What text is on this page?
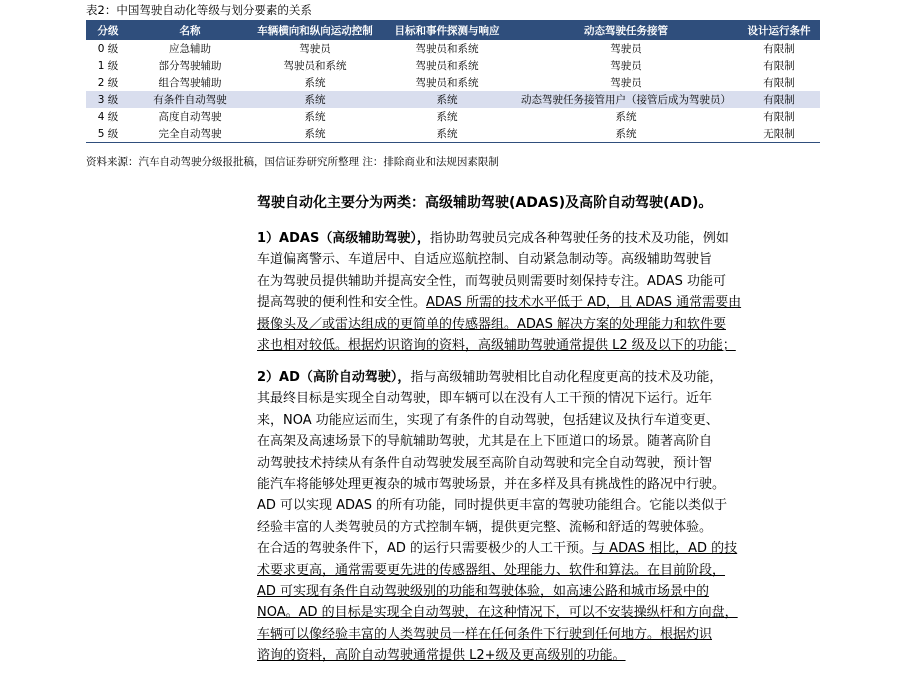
表2：中国驾驶自动化等级与划分要素的关系
分级	名称	车辆横向和纵向运动控制	目标和事件探测与响应	动态驾驶任务接管	设计运行条件
0 级	应急辅助	驾驶员	驾驶员和系统	驾驶员	有限制
1 级	部分驾驶辅助	驾驶员和系统	驾驶员和系统	驾驶员	有限制
2 级	组合驾驶辅助	系统	驾驶员和系统	驾驶员	有限制
3 级	有条件自动驾驶	系统	系统	动态驾驶任务接管用户（接管后成为驾驶员）	有限制
4 级	高度自动驾驶	系统	系统	系统	有限制
5 级	完全自动驾驶	系统	系统	系统	无限制
资料来源：汽车自动驾驶分级报批稿，国信证券研究所整理 注：排除商业和法规因素限制
驾驶自动化主要分为两类：高级辅助驾驶(ADAS)及高阶自动驾驶(AD)。

1）ADAS（高级辅助驾驶），指协助驾驶员完成各种驾驶任务的技术及功能，例如

车道偏离警示、车道居中、自适应巡航控制、自动紧急制动等。高级辅助驾驶旨

在为驾驶员提供辅助并提高安全性，而驾驶员则需要时刻保持专注。ADAS 功能可

提高驾驶的便利性和安全性。ADAS 所需的技术水平低于 AD，且 ADAS 通常需要由

摄像头及／或雷达组成的更简单的传感器组。ADAS 解决方案的处理能力和软件要

求也相对较低。根据灼识谘询的资料，高级辅助驾驶通常提供 L2 级及以下的功能；

2）AD（高阶自动驾驶），指与高级辅助驾驶相比自动化程度更高的技术及功能，

其最终目标是实现全自动驾驶，即车辆可以在没有人工干预的情况下运行。近年

来，NOA 功能应运而生，实现了有条件的自动驾驶，包括建议及执行车道变更、

在高架及高速场景下的导航辅助驾驶，尤其是在上下匝道口的场景。随著高阶自

动驾驶技术持续从有条件自动驾驶发展至高阶自动驾驶和完全自动驾驶，预计智

能汽车将能够处理更複杂的城市驾驶场景，并在多样及具有挑战性的路况中行驶。

AD 可以实现 ADAS 的所有功能，同时提供更丰富的驾驶功能组合。它能以类似于

经验丰富的人类驾驶员的方式控制车辆，提供更完整、流畅和舒适的驾驶体验。

在合适的驾驶条件下，AD 的运行只需要极少的人工干预。与 ADAS 相比，AD 的技

术要求更高，通常需要更先进的传感器组、处理能力、软件和算法。在目前阶段，

AD 可实现有条件自动驾驶级别的功能和驾驶体验，如高速公路和城市场景中的

NOA。AD 的目标是实现全自动驾驶，在这种情况下，可以不安装操纵杆和方向盘，

车辆可以像经验丰富的人类驾驶员一样在任何条件下行驶到任何地方。根据灼识

谘询的资料，高阶自动驾驶通常提供 L2+级及更高级别的功能。
